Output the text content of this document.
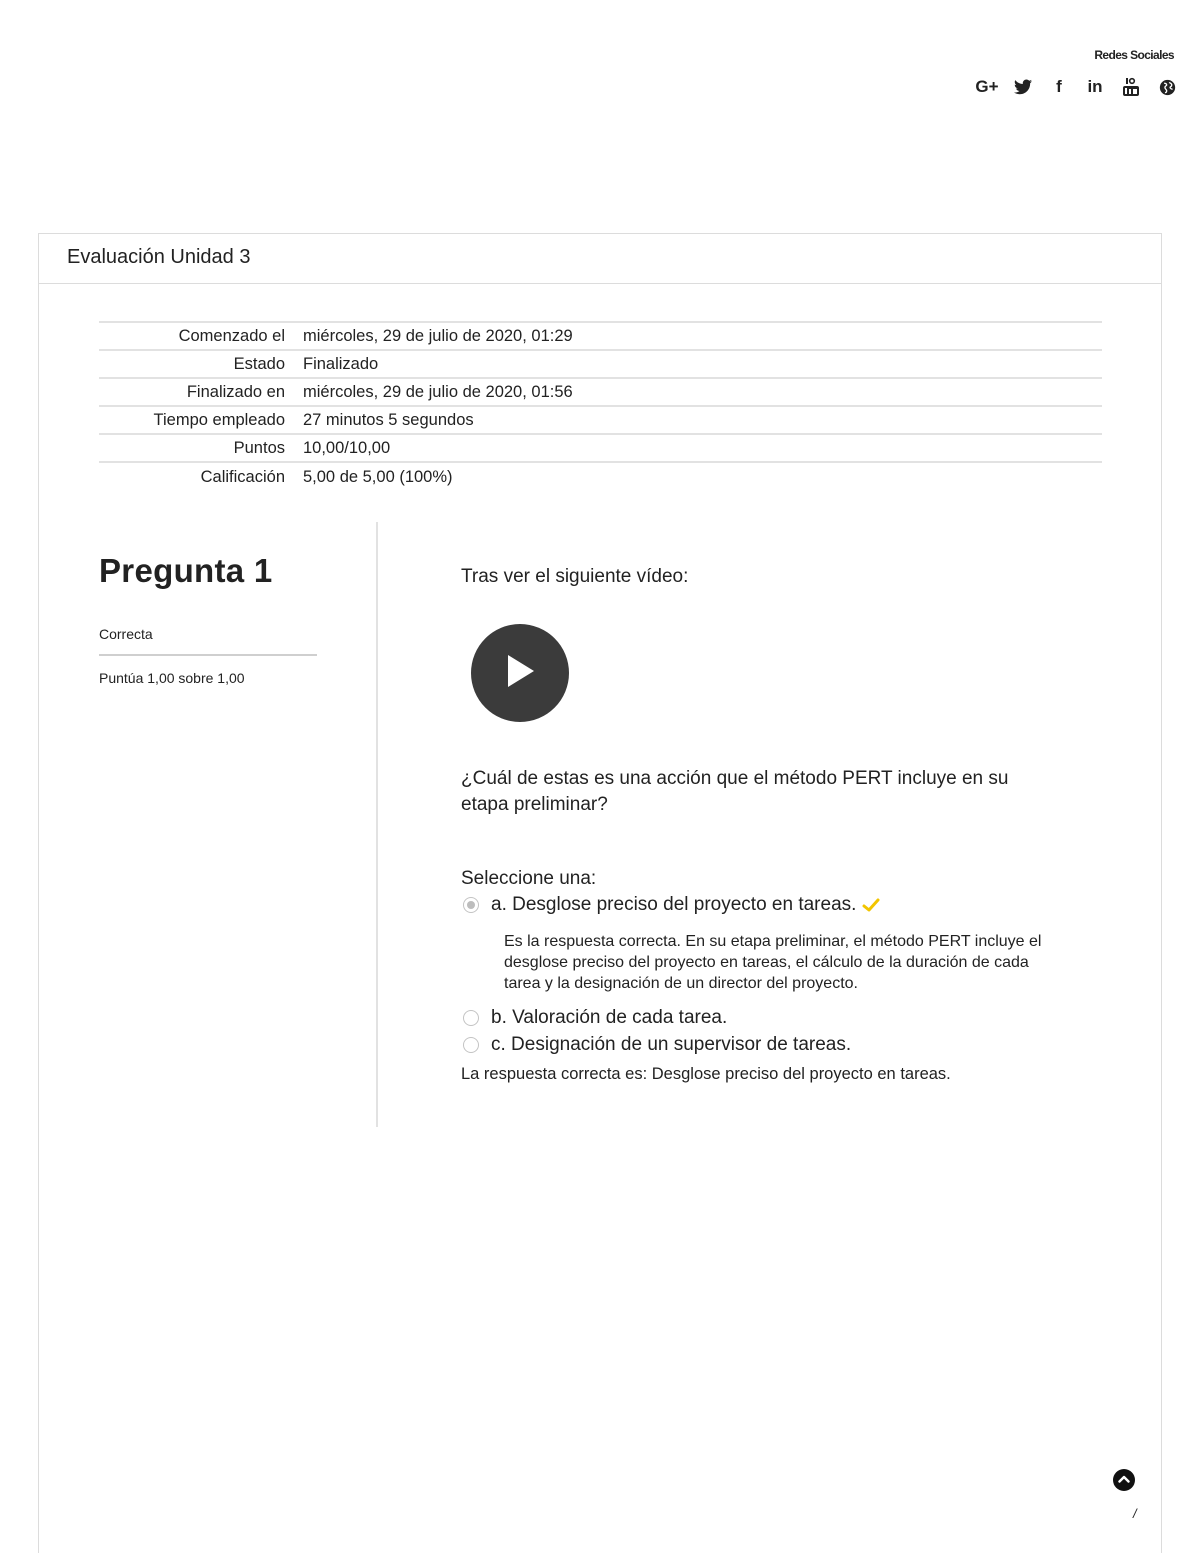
Redes Sociales
G+	f	in
Evaluación Unidad 3
Comenzado el	miércoles, 29 de julio de 2020, 01:29
Estado	Finalizado
Finalizado en	miércoles, 29 de julio de 2020, 01:56
Tiempo empleado	27 minutos 5 segundos
Puntos	10,00/10,00
Calificación	5,00 de 5,00 (100%)
Pregunta 1
Correcta
Puntúa 1,00 sobre 1,00
Tras ver el siguiente vídeo:
¿Cuál de estas es una acción que el método PERT incluye en su etapa preliminar?
Seleccione una:
a. Desglose preciso del proyecto en tareas.
Es la respuesta correcta. En su etapa preliminar, el método PERT incluye el desglose preciso del proyecto en tareas, el cálculo de la duración de cada tarea y la designación de un director del proyecto.
b. Valoración de cada tarea.
c. Designación de un supervisor de tareas.
La respuesta correcta es: Desglose preciso del proyecto en tareas.
/
